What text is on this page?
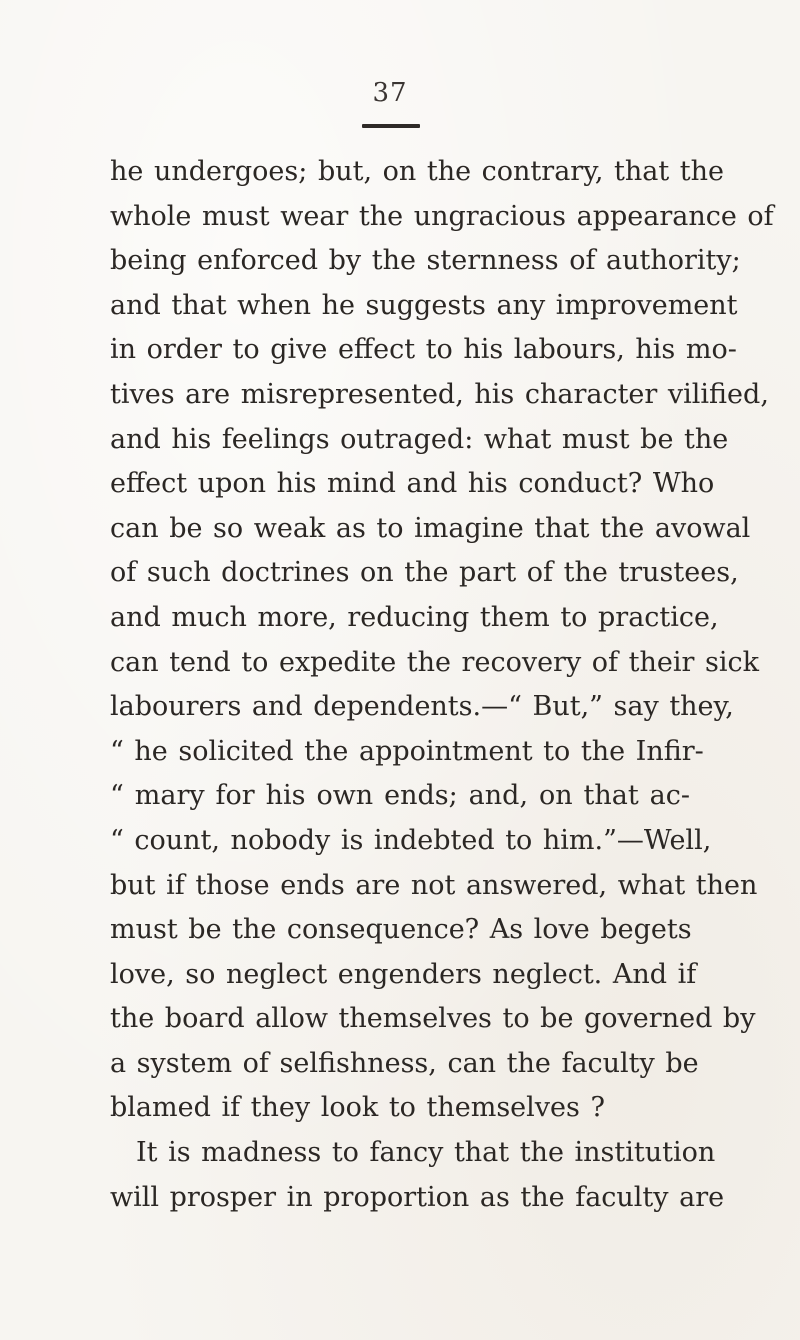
37
he undergoes; but, on the contrary, that the
whole must wear the ungracious appearance of
being enforced by the sternness of authority;
and that when he suggests any improvement
in order to give effect to his labours, his mo-
tives are misrepresented, his character vilified,
and his feelings outraged: what must be the
effect upon his mind and his conduct? Who
can be so weak as to imagine that the avowal
of such doctrines on the part of the trustees,
and much more, reducing them to practice,
can tend to expedite the recovery of their sick
labourers and dependents.—“ But,” say they,
“ he solicited the appointment to the Infir-
“ mary for his own ends; and, on that ac-
“ count, nobody is indebted to him.”—Well,
but if those ends are not answered, what then
must be the consequence? As love begets
love, so neglect engenders neglect. And if
the board allow themselves to be governed by
a system of selfishness, can the faculty be
blamed if they look to themselves ?
It is madness to fancy that the institution
will prosper in proportion as the faculty are
